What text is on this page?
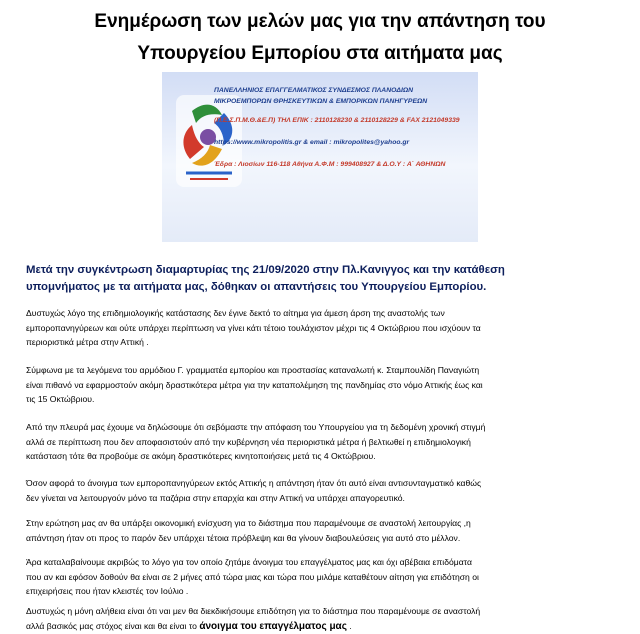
Ενημέρωση των μελών μας για την απάντηση του
Υπουργείου Εμπορίου στα αιτήματα μας
ΠΑΝΕΛΛΗΝΙΟΣ ΕΠΑΓΓΕΛΜΑΤΙΚΟΣ ΣΥΝΔΕΣΜΟΣ ΠΛΑΝΟΔΙΩΝ
ΜΙΚΡΟΕΜΠΟΡΩΝ ΘΡΗΣΚΕΥΤΙΚΩΝ & ΕΜΠΟΡΙΚΩΝ ΠΑΝΗΓΥΡΕΩΝ
(Π.Ε.Σ.Π.Μ.Θ.&Ε.Π) ΤΗΛ ΕΠΙΚ : 2110128230 & 2110128229 & FAX 2121049339
https://www.mikropolitis.gr & email : mikropolites@yahoo.gr
Έδρα : Λιοσίων 116-118 Αθήνα Α.Φ.Μ : 999408927 & Δ.Ο.Υ : Α΄ ΑΘΗΝΩΝ
Μετά την συγκέντρωση διαμαρτυρίας της 21/09/2020 στην Πλ.Κανιγγος και την κατάθεση
υπομνήματος με τα αιτήματα μας, δόθηκαν οι απαντήσεις του Υπουργείου Εμπορίου.
Δυστυχώς λόγο της επιδημιολογικής κατάστασης δεν έγινε δεκτό το αίτημα για άμεση άρση της αναστολής των
εμποροπανηγύρεων και ούτε υπάρχει περίπτωση να γίνει κάτι τέτοιο τουλάχιστον μέχρι τις 4 Οκτώβριου που ισχύουν τα
περιοριστικά μέτρα στην Αττική .
Σύμφωνα με τα λεγόμενα του αρμόδιου Γ. γραμματέα εμπορίου και προστασίας καταναλωτή κ. Σταμπουλίδη Παναγιώτη
είναι πιθανό να εφαρμοστούν ακόμη δραστικότερα μέτρα για την καταπολέμηση της πανδημίας στο νόμο Αττικής έως και
τις 15 Οκτώβριου.
Από την πλευρά μας έχουμε να δηλώσουμε ότι σεβόμαστε την απόφαση του Υπουργείου για τη δεδομένη χρονική στιγμή
αλλά σε περίπτωση που δεν αποφασιστούν από την κυβέρνηση νέα περιοριστικά μέτρα ή βελτιωθεί η επιδημιολογική
κατάσταση τότε θα προβούμε σε ακόμη δραστικότερες κινητοποιήσεις μετά τις 4 Οκτώβριου.
Όσον αφορά το άνοιγμα των εμποροπανηγύρεων εκτός Αττικής η απάντηση ήταν ότι αυτό είναι αντισυνταγματικό καθώς
δεν γίνεται να λειτουργούν μόνο τα παζάρια στην επαρχία και στην Αττική να υπάρχει απαγορευτικό.
Στην ερώτηση μας αν θα υπάρξει οικονομική ενίσχυση για το διάστημα που παραμένουμε σε αναστολή λειτουργίας ,η
απάντηση ήταν οτι προς το παρόν δεν υπάρχει τέτοια πρόβλεψη και θα γίνουν διαβουλεύσεις για αυτό στο μέλλον.
Άρα καταλαβαίνουμε ακριβώς το λόγο για τον οποίο ζητάμε άνοιγμα του επαγγέλματος μας και όχι αβέβαια επιδόματα
που αν και εφόσον δοθούν θα είναι σε 2 μήνες από τώρα μιας και τώρα που μιλάμε καταθέτουν αίτηση για επιδότηση οι
επιχειρήσεις που ήταν κλειστές τον Ιούλιο .
Δυστυχώς η μόνη αλήθεια είναι ότι ναι μεν θα διεκδικήσουμε επιδότηση για το διάστημα που παραμένουμε σε αναστολή
αλλά βασικός μας στόχος είναι και θα είναι το άνοιγμα του επαγγέλματος μας .
